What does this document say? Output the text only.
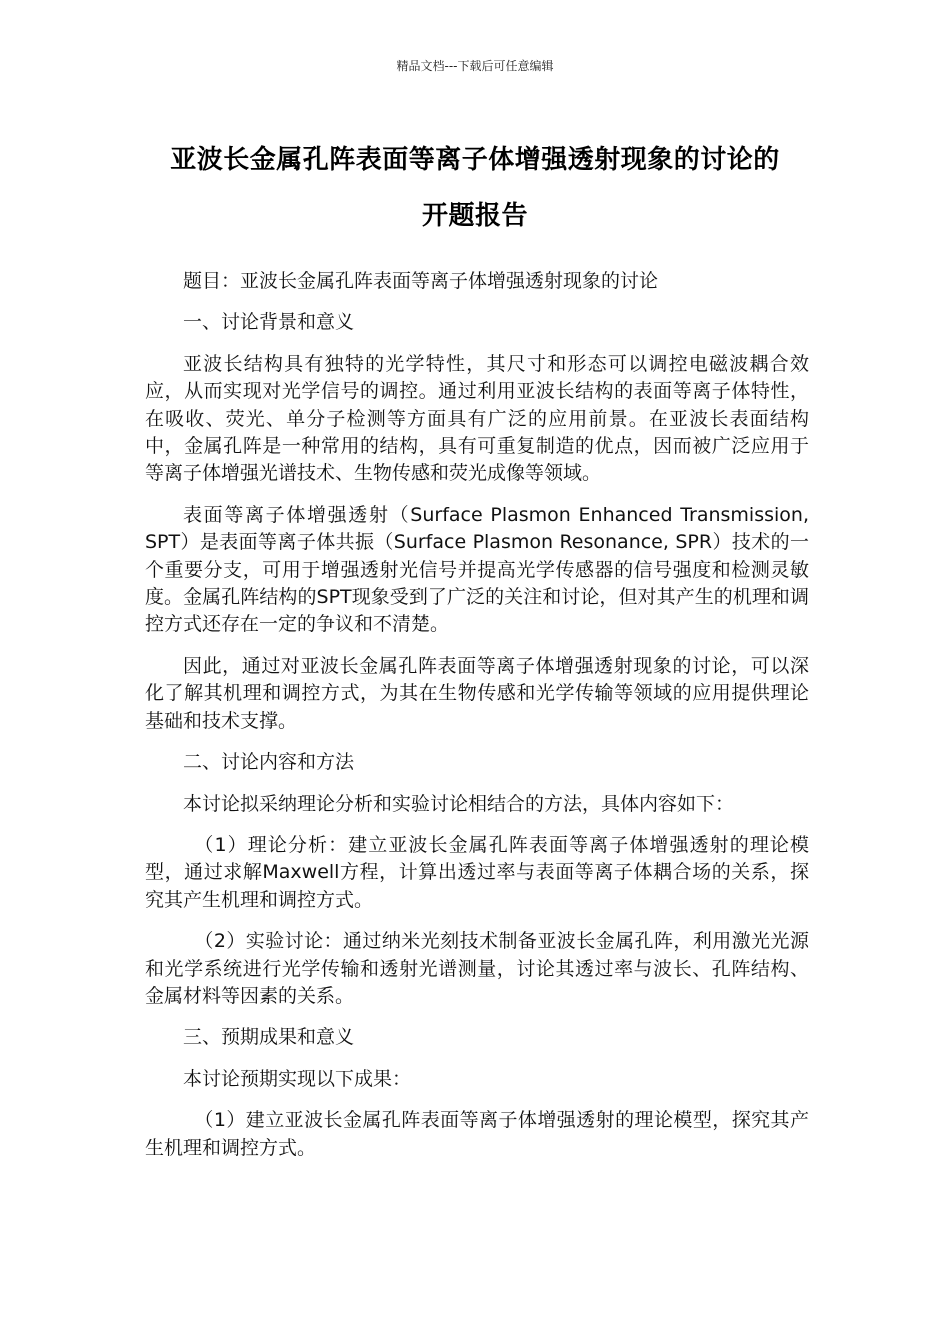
精品文档---下载后可任意编辑
亚波长金属孔阵表面等离子体增强透射现象的讨论的
开题报告

题目：亚波长金属孔阵表面等离子体增强透射现象的讨论

一、讨论背景和意义

亚波长结构具有独特的光学特性，其尺寸和形态可以调控电磁波耦合效应，从而实现对光学信号的调控。通过利用亚波长结构的表面等离子体特性，在吸收、荧光、单分子检测等方面具有广泛的应用前景。在亚波长表面结构中，金属孔阵是一种常用的结构，具有可重复制造的优点，因而被广泛应用于等离子体增强光谱技术、生物传感和荧光成像等领域。

表面等离子体增强透射（Surface Plasmon Enhanced Transmission, SPT）是表面等离子体共振（Surface Plasmon Resonance, SPR）技术的一个重要分支，可用于增强透射光信号并提高光学传感器的信号强度和检测灵敏度。金属孔阵结构的SPT现象受到了广泛的关注和讨论，但对其产生的机理和调控方式还存在一定的争议和不清楚。

因此，通过对亚波长金属孔阵表面等离子体增强透射现象的讨论，可以深化了解其机理和调控方式，为其在生物传感和光学传输等领域的应用提供理论基础和技术支撑。

二、讨论内容和方法

本讨论拟采纳理论分析和实验讨论相结合的方法，具体内容如下：

（1）理论分析：建立亚波长金属孔阵表面等离子体增强透射的理论模型，通过求解Maxwell方程，计算出透过率与表面等离子体耦合场的关系，探究其产生机理和调控方式。

（2）实验讨论：通过纳米光刻技术制备亚波长金属孔阵，利用激光光源和光学系统进行光学传输和透射光谱测量，讨论其透过率与波长、孔阵结构、金属材料等因素的关系。

三、预期成果和意义

本讨论预期实现以下成果：

（1）建立亚波长金属孔阵表面等离子体增强透射的理论模型，探究其产生机理和调控方式。
